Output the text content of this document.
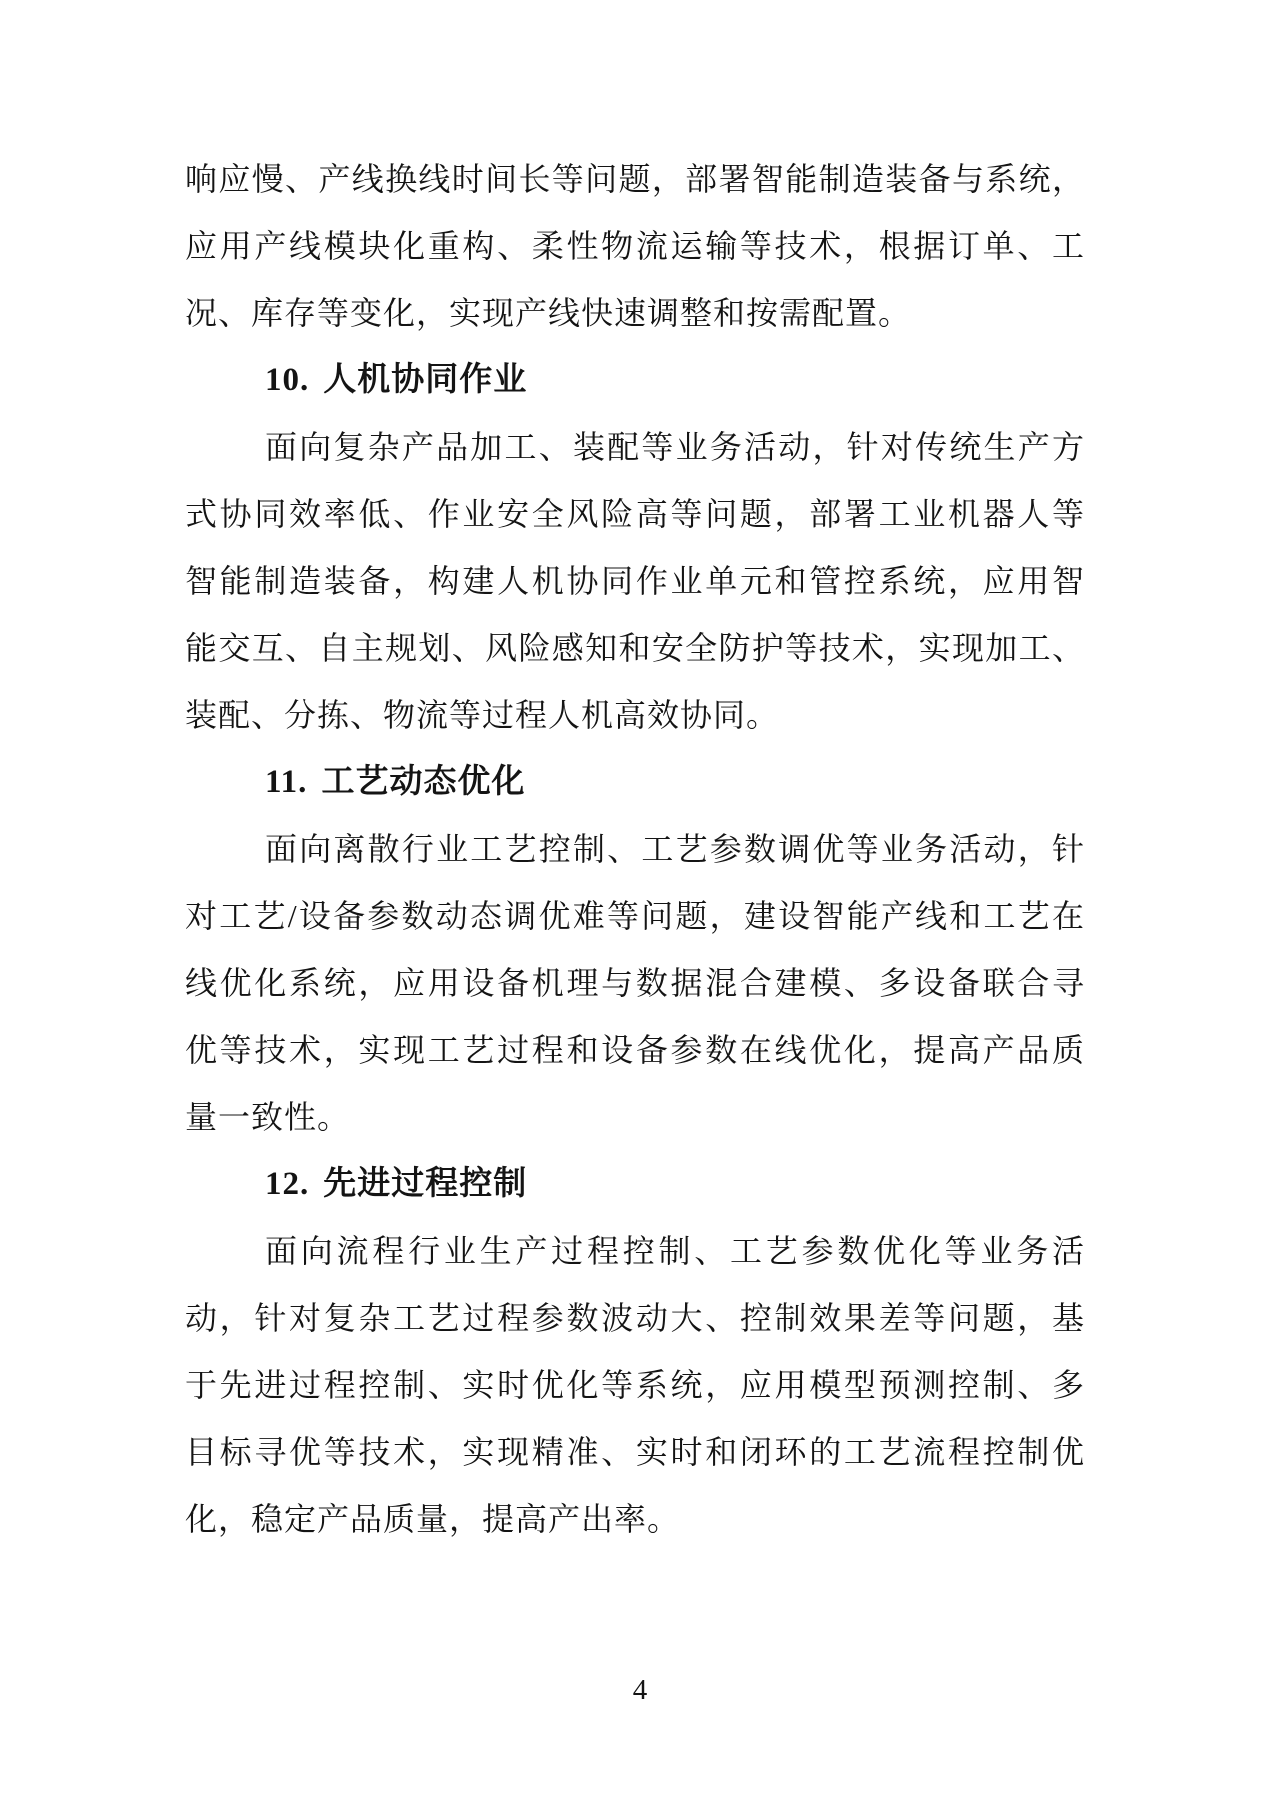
响应慢、产线换线时间长等问题，部署智能制造装备与系统，
应用产线模块化重构、柔性物流运输等技术，根据订单、工
况、库存等变化，实现产线快速调整和按需配置。
10. 人机协同作业
面向复杂产品加工、装配等业务活动，针对传统生产方
式协同效率低、作业安全风险高等问题，部署工业机器人等
智能制造装备，构建人机协同作业单元和管控系统，应用智
能交互、自主规划、风险感知和安全防护等技术，实现加工、
装配、分拣、物流等过程人机高效协同。
11. 工艺动态优化
面向离散行业工艺控制、工艺参数调优等业务活动，针
对工艺/设备参数动态调优难等问题，建设智能产线和工艺在
线优化系统，应用设备机理与数据混合建模、多设备联合寻
优等技术，实现工艺过程和设备参数在线优化，提高产品质
量一致性。
12. 先进过程控制
面向流程行业生产过程控制、工艺参数优化等业务活
动，针对复杂工艺过程参数波动大、控制效果差等问题，基
于先进过程控制、实时优化等系统，应用模型预测控制、多
目标寻优等技术，实现精准、实时和闭环的工艺流程控制优
化，稳定产品质量，提高产出率。
4
